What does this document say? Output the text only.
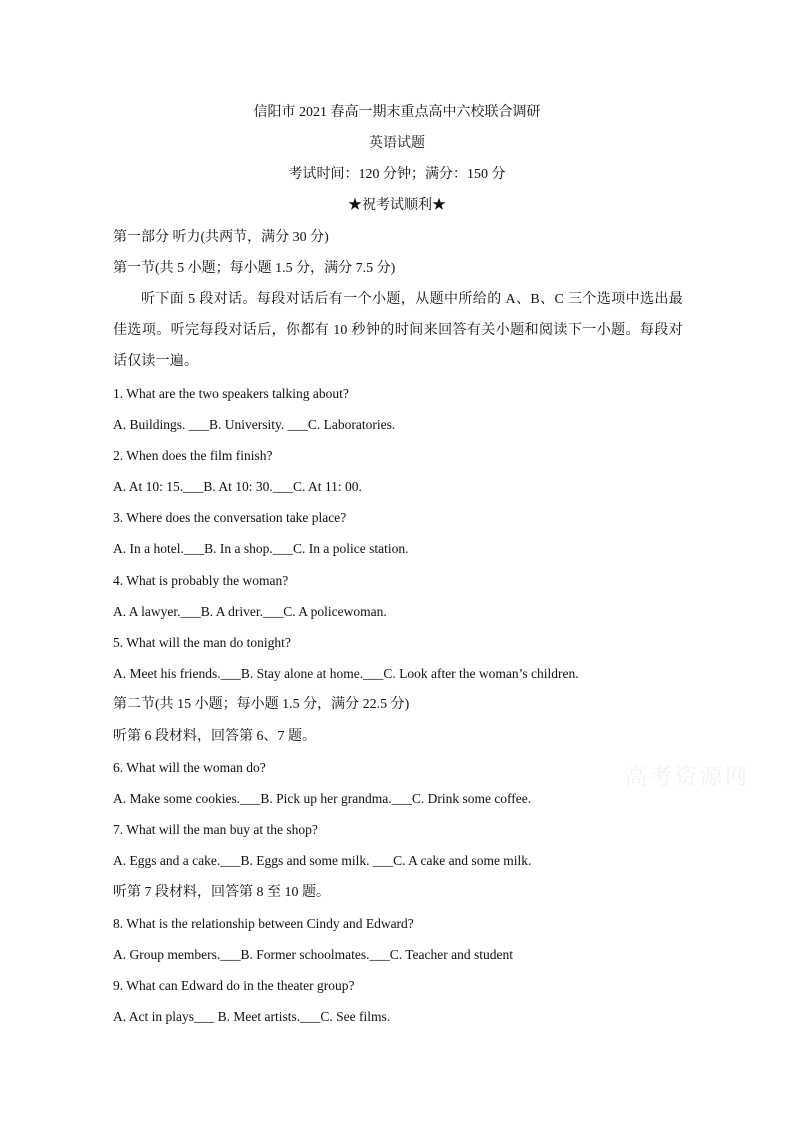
信阳市 2021 春高一期末重点高中六校联合调研
英语试题
考试时间：120 分钟；满分：150 分
★祝考试顺利★
第一部分 听力(共两节，满分 30 分)
第一节(共 5 小题；每小题 1.5 分，满分 7.5 分)
听下面 5 段对话。每段对话后有一个小题，从题中所给的 A、B、C 三个选项中选出最佳选项。听完每段对话后，你都有 10 秒钟的时间来回答有关小题和阅读下一小题。每段对话仅读一遍。
1. What are the two speakers talking about?
A. Buildings. ___B. University. ___C. Laboratories.
2. When does the film finish?
A. At 10: 15.___B. At 10: 30.___C. At 11: 00.
3. Where does the conversation take place?
A. In a hotel.___B. In a shop.___C. In a police station.
4. What is probably the woman?
A. A lawyer.___B. A driver.___C. A policewoman.
5. What will the man do tonight?
A. Meet his friends.___B. Stay alone at home.___C. Look after the woman’s children.
第二节(共 15 小题；每小题 1.5 分，满分 22.5 分)
听第 6 段材料，回答第 6、7 题。
6. What will the woman do?
A. Make some cookies.___B. Pick up her grandma.___C. Drink some coffee.
7. What will the man buy at the shop?
A. Eggs and a cake.___B. Eggs and some milk. ___C. A cake and some milk.
听第 7 段材料，回答第 8 至 10 题。
8. What is the relationship between Cindy and Edward?
A. Group members.___B. Former schoolmates.___C. Teacher and student
9. What can Edward do in the theater group?
A. Act in plays___ B. Meet artists.___C. See films.
高考资源网
